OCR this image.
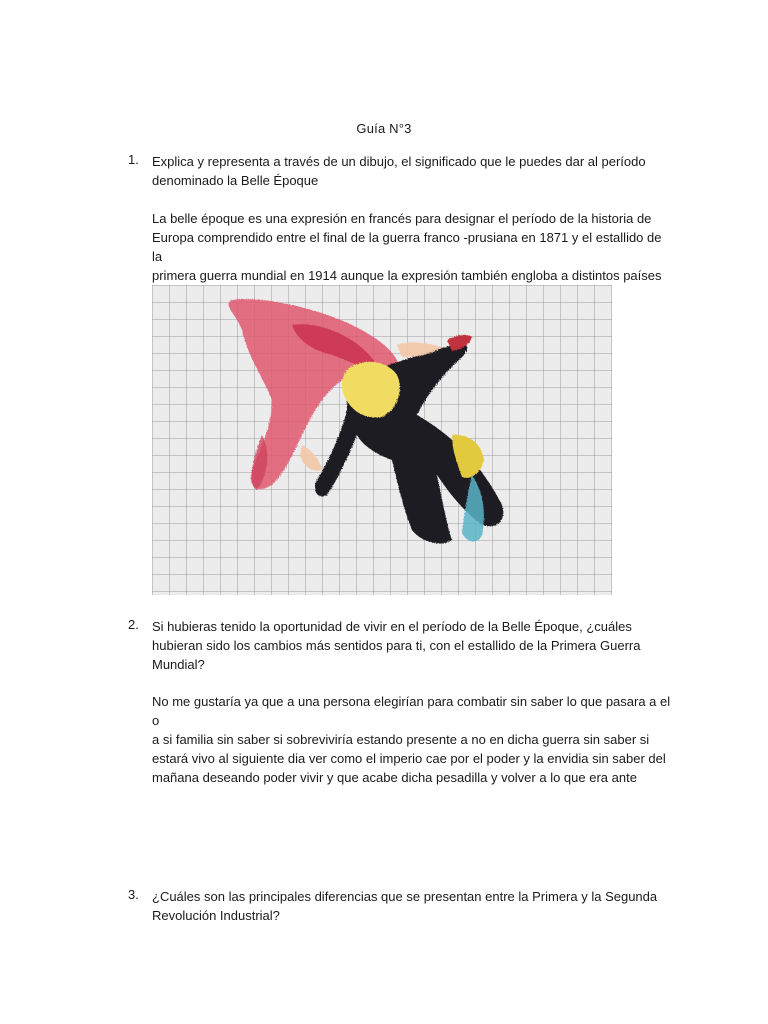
Guía N°3
1. Explica y representa a través de un dibujo, el significado que le puedes dar al período
denominado la Belle Époque
La belle époque es una expresión en francés para designar el período de la historia de
Europa comprendido entre el final de la guerra franco -prusiana en 1871 y el estallido de la
primera guerra mundial en 1914 aunque la expresión también engloba a distintos países
2. Si hubieras tenido la oportunidad de vivir en el período de la Belle Époque, ¿cuáles
hubieran sido los cambios más sentidos para ti, con el estallido de la Primera Guerra
Mundial?
No me gustaría ya que a una persona elegirían para combatir sin saber lo que pasara a el o
a si familia sin saber si sobreviviría estando presente a no en dicha guerra sin saber si
estará vivo al siguiente dia ver como el imperio cae por el poder y la envidia sin saber del
mañana deseando poder vivir y que acabe dicha pesadilla y volver a lo que era ante
3. ¿Cuáles son las principales diferencias que se presentan entre la Primera y la Segunda
Revolución Industrial?
